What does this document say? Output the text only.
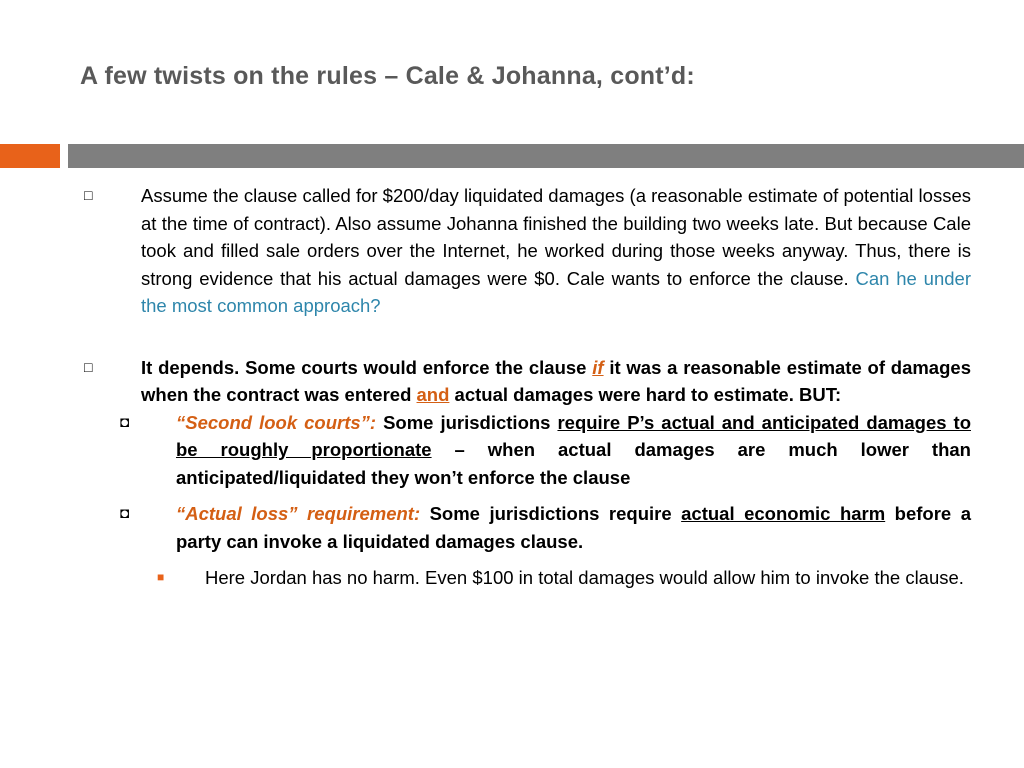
A few twists on the rules – Cale & Johanna, cont’d:
□	Assume the clause called for $200/day liquidated damages (a reasonable estimate of potential losses at the time of contract). Also assume Johanna finished the building two weeks late. But because Cale took and filled sale orders over the Internet, he worked during those weeks anyway. Thus, there is strong evidence that his actual damages were $0. Cale wants to enforce the clause. Can he under the most common approach?
□	It depends. Some courts would enforce the clause if it was a reasonable estimate of damages when the contract was entered and actual damages were hard to estimate. BUT:
◘	“Second look courts”: Some jurisdictions require P’s actual and anticipated damages to be roughly proportionate – when actual damages are much lower than anticipated/liquidated they won’t enforce the clause
◘	“Actual loss” requirement: Some jurisdictions require actual economic harm before a party can invoke a liquidated damages clause.
■ Here Jordan has no harm. Even $100 in total damages would allow him to invoke the clause.
